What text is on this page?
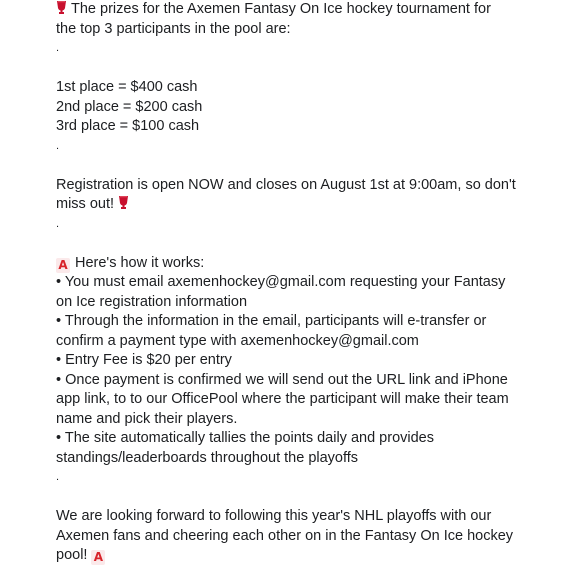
The prizes for the Axemen Fantasy On Ice hockey tournament for
the top 3 participants in the pool are:
.
1st place = $400 cash
2nd place = $200 cash
3rd place = $100 cash
.
Registration is open NOW and closes on August 1st at 9:00am, so don't
miss out!
.
A Here's how it works:
• You must email axemenhockey@gmail.com requesting your Fantasy
on Ice registration information
• Through the information in the email, participants will e-transfer or
confirm a payment type with axemenhockey@gmail.com
• Entry Fee is $20 per entry
• Once payment is confirmed we will send out the URL link and iPhone
app link, to to our OfficePool where the participant will make their team
name and pick their players.
• The site automatically tallies the points daily and provides
standings/leaderboards throughout the playoffs
.
We are looking forward to following this year's NHL playoffs with our
Axemen fans and cheering each other on in the Fantasy On Ice hockey
pool! A
